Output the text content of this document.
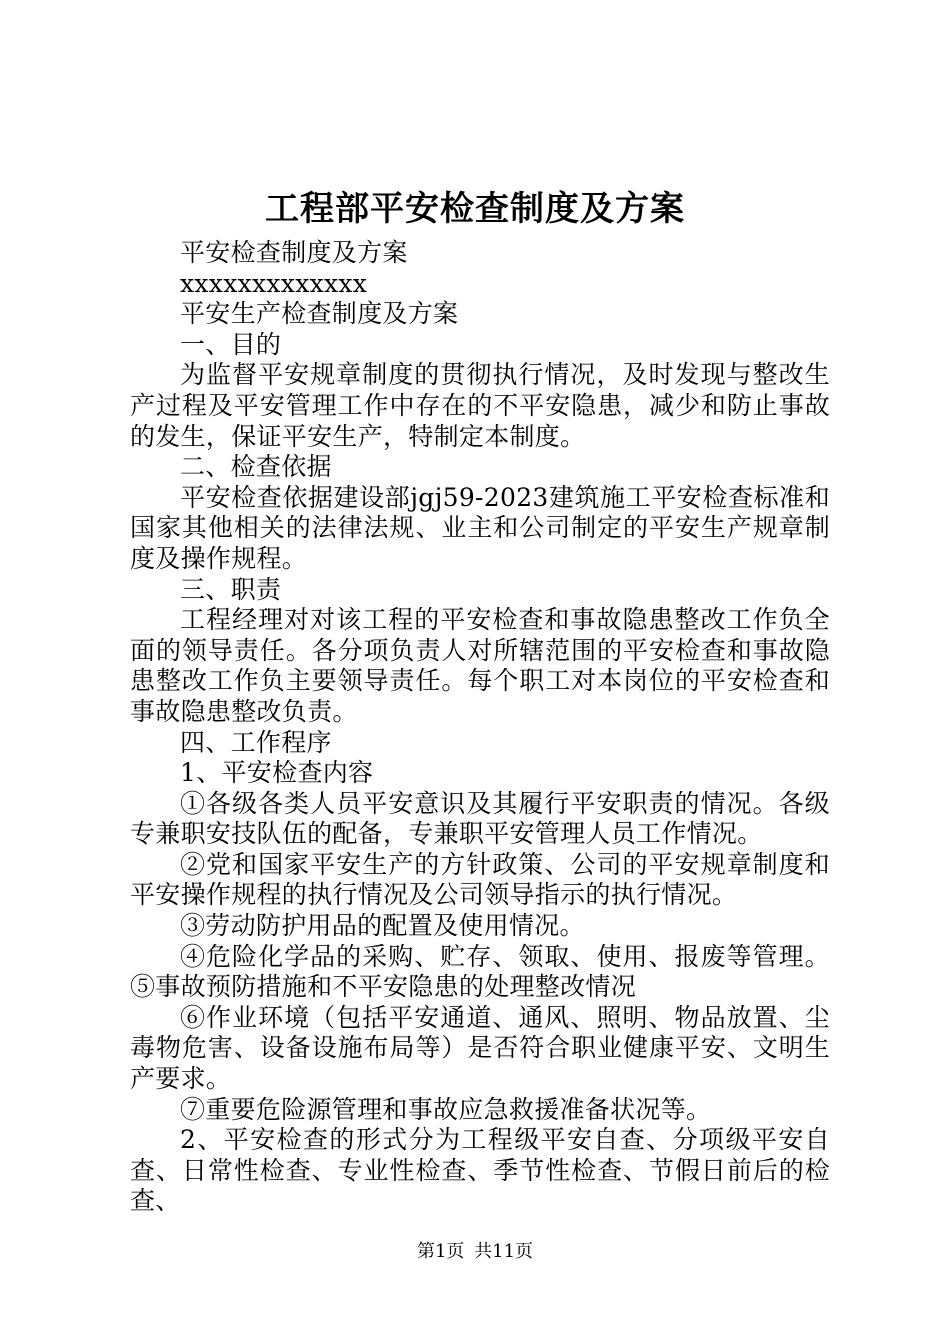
工程部平安检查制度及方案

平安检查制度及方案

xxxxxxxxxxxxx

平安生产检查制度及方案

一、目的

为监督平安规章制度的贯彻执行情况，及时发现与整改生产过程及平安管理工作中存在的不平安隐患，减少和防止事故的发生，保证平安生产，特制定本制度。

二、检查依据

平安检查依据建设部jgj59-2023建筑施工平安检查标准和国家其他相关的法律法规、业主和公司制定的平安生产规章制度及操作规程。

三、职责

工程经理对对该工程的平安检查和事故隐患整改工作负全面的领导责任。各分项负责人对所辖范围的平安检查和事故隐患整改工作负主要领导责任。每个职工对本岗位的平安检查和事故隐患整改负责。

四、工作程序

1、平安检查内容

①各级各类人员平安意识及其履行平安职责的情况。各级专兼职安技队伍的配备，专兼职平安管理人员工作情况。

②党和国家平安生产的方针政策、公司的平安规章制度和平安操作规程的执行情况及公司领导指示的执行情况。

③劳动防护用品的配置及使用情况。

④危险化学品的采购、贮存、领取、使用、报废等管理。⑤事故预防措施和不平安隐患的处理整改情况

⑥作业环境（包括平安通道、通风、照明、物品放置、尘毒物危害、设备设施布局等）是否符合职业健康平安、文明生产要求。

⑦重要危险源管理和事故应急救援准备状况等。

2、平安检查的形式分为工程级平安自查、分项级平安自查、日常性检查、专业性检查、季节性检查、节假日前后的检查、

第1页 共11页
